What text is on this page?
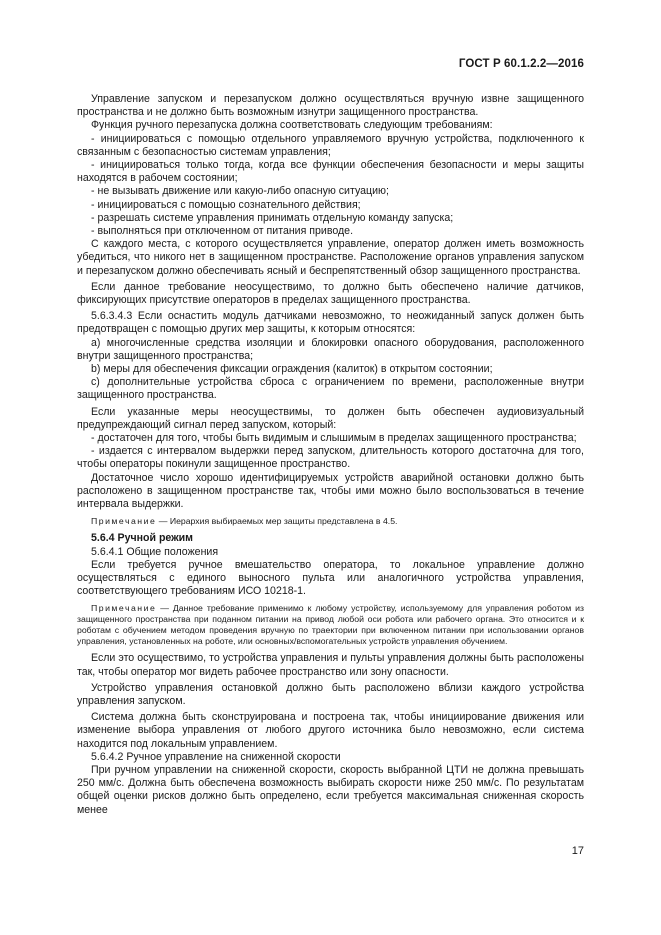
ГОСТ Р 60.1.2.2—2016

Управление запуском и перезапуском должно осуществляться вручную извне защищенного пространства и не должно быть возможным изнутри защищенного пространства.

Функция ручного перезапуска должна соответствовать следующим требованиям:

- инициироваться с помощью отдельного управляемого вручную устройства, подключенного к связанным с безопасностью системам управления;

- инициироваться только тогда, когда все функции обеспечения безопасности и меры защиты находятся в рабочем состоянии;

- не вызывать движение или какую-либо опасную ситуацию;

- инициироваться с помощью сознательного действия;

- разрешать системе управления принимать отдельную команду запуска;

- выполняться при отключенном от питания приводе.

С каждого места, с которого осуществляется управление, оператор должен иметь возможность убедиться, что никого нет в защищенном пространстве. Расположение органов управления запуском и перезапуском должно обеспечивать ясный и беспрепятственный обзор защищенного пространства.

Если данное требование неосуществимо, то должно быть обеспечено наличие датчиков, фиксирующих присутствие операторов в пределах защищенного пространства.

5.6.3.4.3 Если оснастить модуль датчиками невозможно, то неожиданный запуск должен быть предотвращен с помощью других мер защиты, к которым относятся:

а) многочисленные средства изоляции и блокировки опасного оборудования, расположенного внутри защищенного пространства;

b) меры для обеспечения фиксации ограждения (калиток) в открытом состоянии;

с) дополнительные устройства сброса с ограничением по времени, расположенные внутри защищенного пространства.

Если указанные меры неосуществимы, то должен быть обеспечен аудиовизуальный предупреждающий сигнал перед запуском, который:

- достаточен для того, чтобы быть видимым и слышимым в пределах защищенного пространства;

- издается с интервалом выдержки перед запуском, длительность которого достаточна для того, чтобы операторы покинули защищенное пространство.

Достаточное число хорошо идентифицируемых устройств аварийной остановки должно быть расположено в защищенном пространстве так, чтобы ими можно было воспользоваться в течение интервала выдержки.

Примечание — Иерархия выбираемых мер защиты представлена в 4.5.

5.6.4 Ручной режим

5.6.4.1 Общие положения

Если требуется ручное вмешательство оператора, то локальное управление должно осуществляться с единого выносного пульта или аналогичного устройства управления, соответствующего требованиям ИСО 10218-1.

Примечание — Данное требование применимо к любому устройству, используемому для управления роботом из защищенного пространства при поданном питании на привод любой оси робота или рабочего органа. Это относится и к роботам с обучением методом проведения вручную по траектории при включенном питании при использовании органов управления, установленных на роботе, или основных/вспомогательных устройств управления обучением.

Если это осуществимо, то устройства управления и пульты управления должны быть расположены так, чтобы оператор мог видеть рабочее пространство или зону опасности.

Устройство управления остановкой должно быть расположено вблизи каждого устройства управления запуском.

Система должна быть сконструирована и построена так, чтобы инициирование движения или изменение выбора управления от любого другого источника было невозможно, если система находится под локальным управлением.

5.6.4.2 Ручное управление на сниженной скорости

При ручном управлении на сниженной скорости, скорость выбранной ЦТИ не должна превышать 250 мм/с. Должна быть обеспечена возможность выбирать скорости ниже 250 мм/с. По результатам общей оценки рисков должно быть определено, если требуется максимальная сниженная скорость менее

17
